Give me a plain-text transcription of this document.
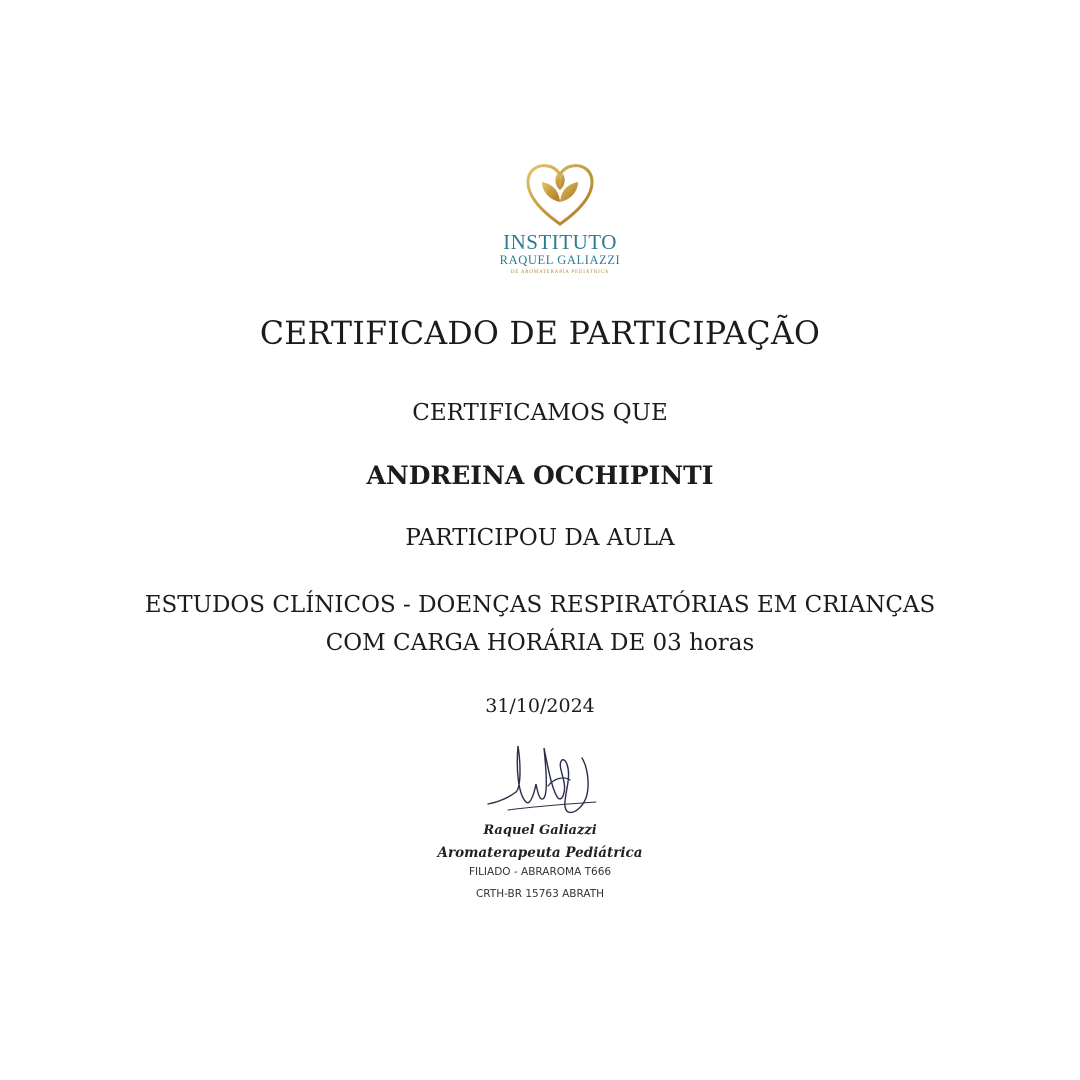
INSTITUTO
RAQUEL GALIAZZI
DE AROMATERAPIA PEDIÁTRICA
CERTIFICADO DE PARTICIPAÇÃO
CERTIFICAMOS QUE
ANDREINA OCCHIPINTI
PARTICIPOU DA AULA
ESTUDOS CLÍNICOS - DOENÇAS RESPIRATÓRIAS EM CRIANÇAS
COM CARGA HORÁRIA DE 03 horas
31/10/2024
Raquel Galiazzi
Aromaterapeuta Pediátrica
FILIADO - ABRAROMA T666
CRTH-BR 15763 ABRATH
